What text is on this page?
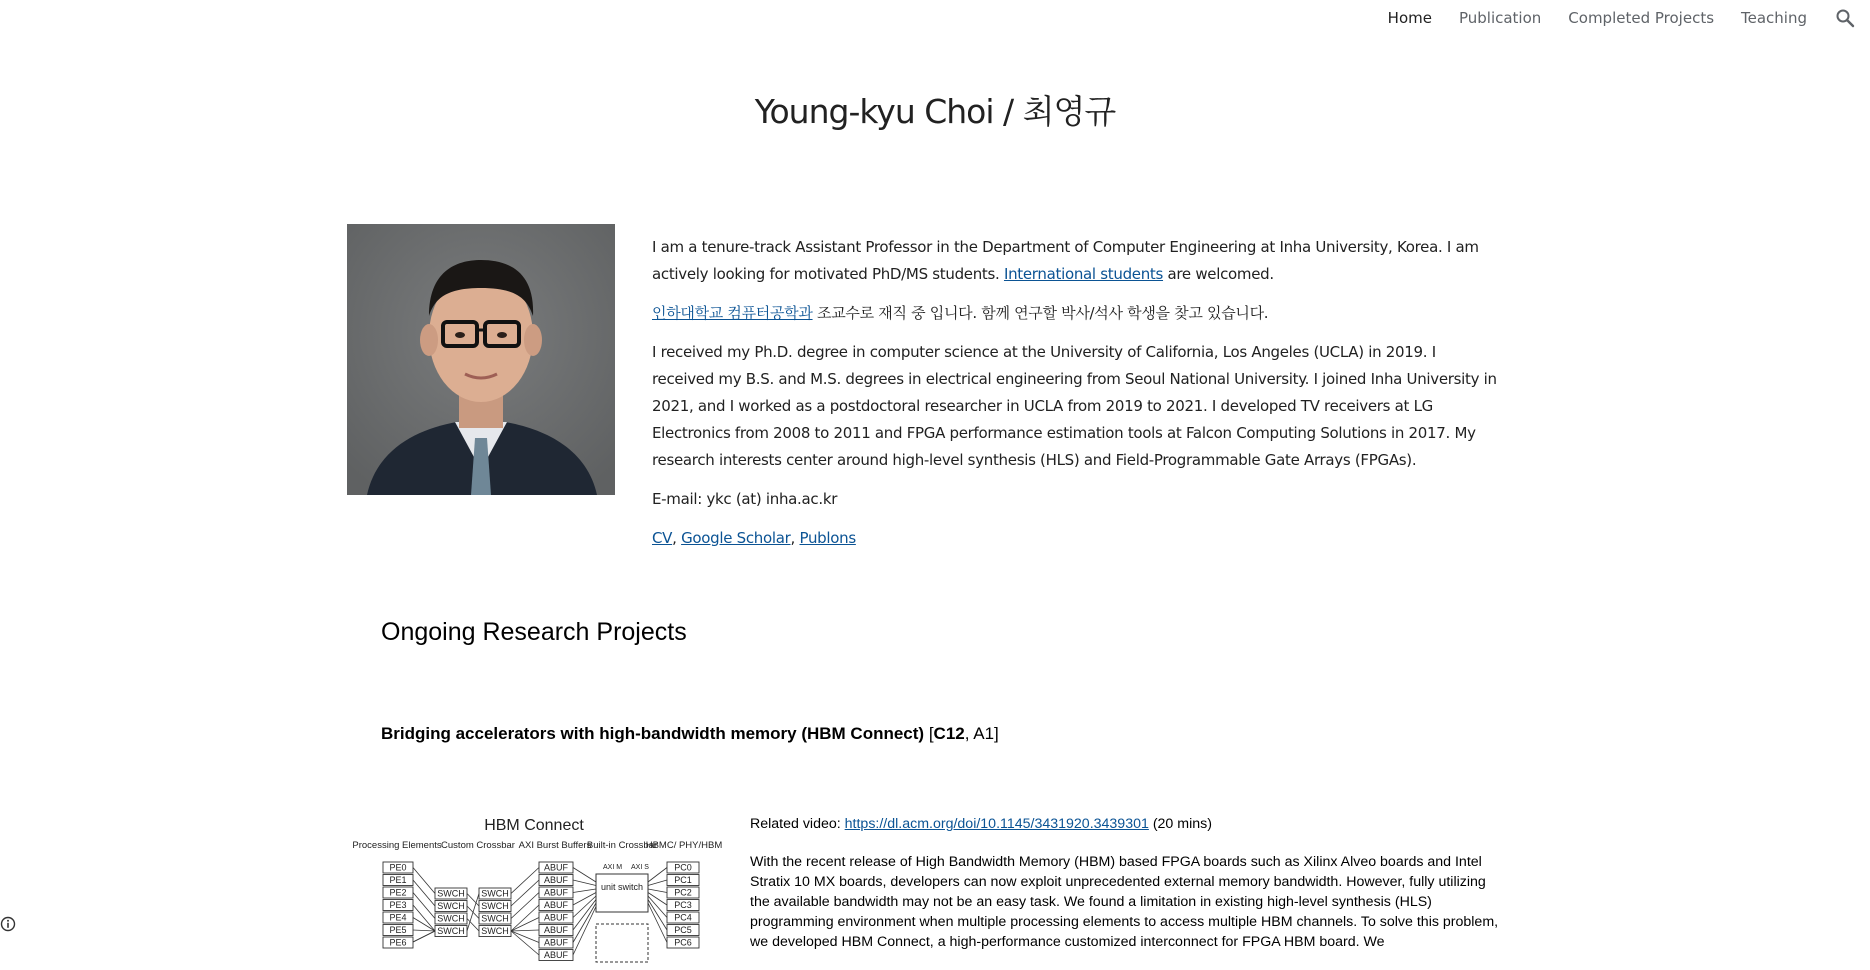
Home Publication Completed Projects Teaching
Young-kyu Choi / 최영규

I am a tenure-track Assistant Professor in the Department of Computer Engineering at Inha University, Korea. I am actively looking for motivated PhD/MS students. International students are welcomed.

인하대학교 컴퓨터공학과 조교수로 재직 중 입니다. 함께 연구할 박사/석사 학생을 찾고 있습니다.

I received my Ph.D. degree in computer science at the University of California, Los Angeles (UCLA) in 2019. I received my B.S. and M.S. degrees in electrical engineering from Seoul National University. I joined Inha University in 2021, and I worked as a postdoctoral researcher in UCLA from 2019 to 2021. I developed TV receivers at LG Electronics from 2008 to 2011 and FPGA performance estimation tools at Falcon Computing Solutions in 2017. My research interests center around high-level synthesis (HLS) and Field-Programmable Gate Arrays (FPGAs).

E-mail: ykc (at) inha.ac.kr

CV, Google Scholar, Publons

Ongoing Research Projects
Bridging accelerators with high-bandwidth memory (HBM Connect) [C12, A1]
HBM Connect
Processing Elements Custom Crossbar AXI Burst Buffers
Built-in Crossbar
HBMC/ PHY/HBM
PE0
PE1
PE2
PE3
PE4
PE5
PE6
SWCH SWCH
SWCH SWCH
SWCH SWCH
SWCH SWCH
ABUF
ABUF
ABUF
ABUF
ABUF
ABUF
ABUF
ABUF
PC0
PC1
PC2
PC3
PC4
PC5
PC6
unit switch
AXI M AXI S

Related video: https://dl.acm.org/doi/10.1145/3431920.3439301 (20 mins)

With the recent release of High Bandwidth Memory (HBM) based FPGA boards such as Xilinx Alveo boards and Intel Stratix 10 MX boards, developers can now exploit unprecedented external memory bandwidth. However, fully utilizing the available bandwidth may not be an easy task. We found a limitation in existing high-level synthesis (HLS) programming environment when multiple processing elements to access multiple HBM channels. To solve this problem, we developed HBM Connect, a high-performance customized interconnect for FPGA HBM board. We
